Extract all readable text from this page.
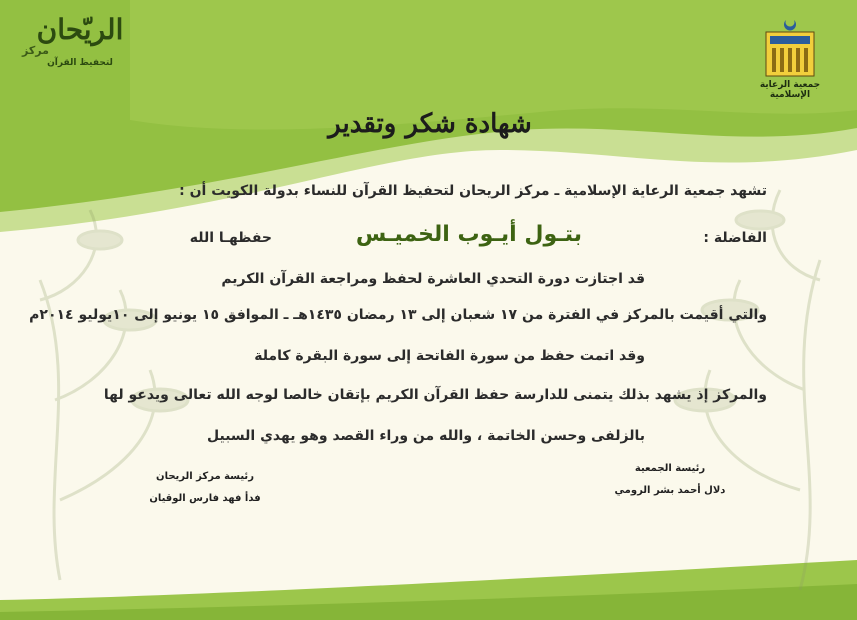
الريّحان
مركز
لتحفيظ القرآن
جمعية الرعاية الإسلامية
شهادة شكر وتقدير
تشهد جمعية الرعاية الإسلامية ـ مركز الريحان لتحفيظ القرآن للنساء بدولة الكويت أن :
الفاضلة :
بتـول أيـوب الخميـس
حفظهـا الله
قد اجتازت دورة التحدي العاشرة لحفظ ومراجعة القرآن الكريم
والتي أقيمت بالمركز في الفترة من ١٧ شعبان إلى ١٣ رمضان ١٤٣٥هـ ـ الموافق ١٥ يونيو إلى ١٠يوليو ٢٠١٤م
وقد اتمت حفظ من سورة الفاتحة إلى سورة البقرة كاملة
والمركز إذ يشهد بذلك يتمنى للدارسة حفظ القرآن الكريم بإتقان خالصا لوجه الله تعالى ويدعو لها
بالزلفى وحسن الخاتمة ، والله من وراء القصد وهو يهدي السبيل
رئيسة مركز الريحان
فدأ فهد فارس الوقيان
رئيسة الجمعية
دلال أحمد بشر الرومي
